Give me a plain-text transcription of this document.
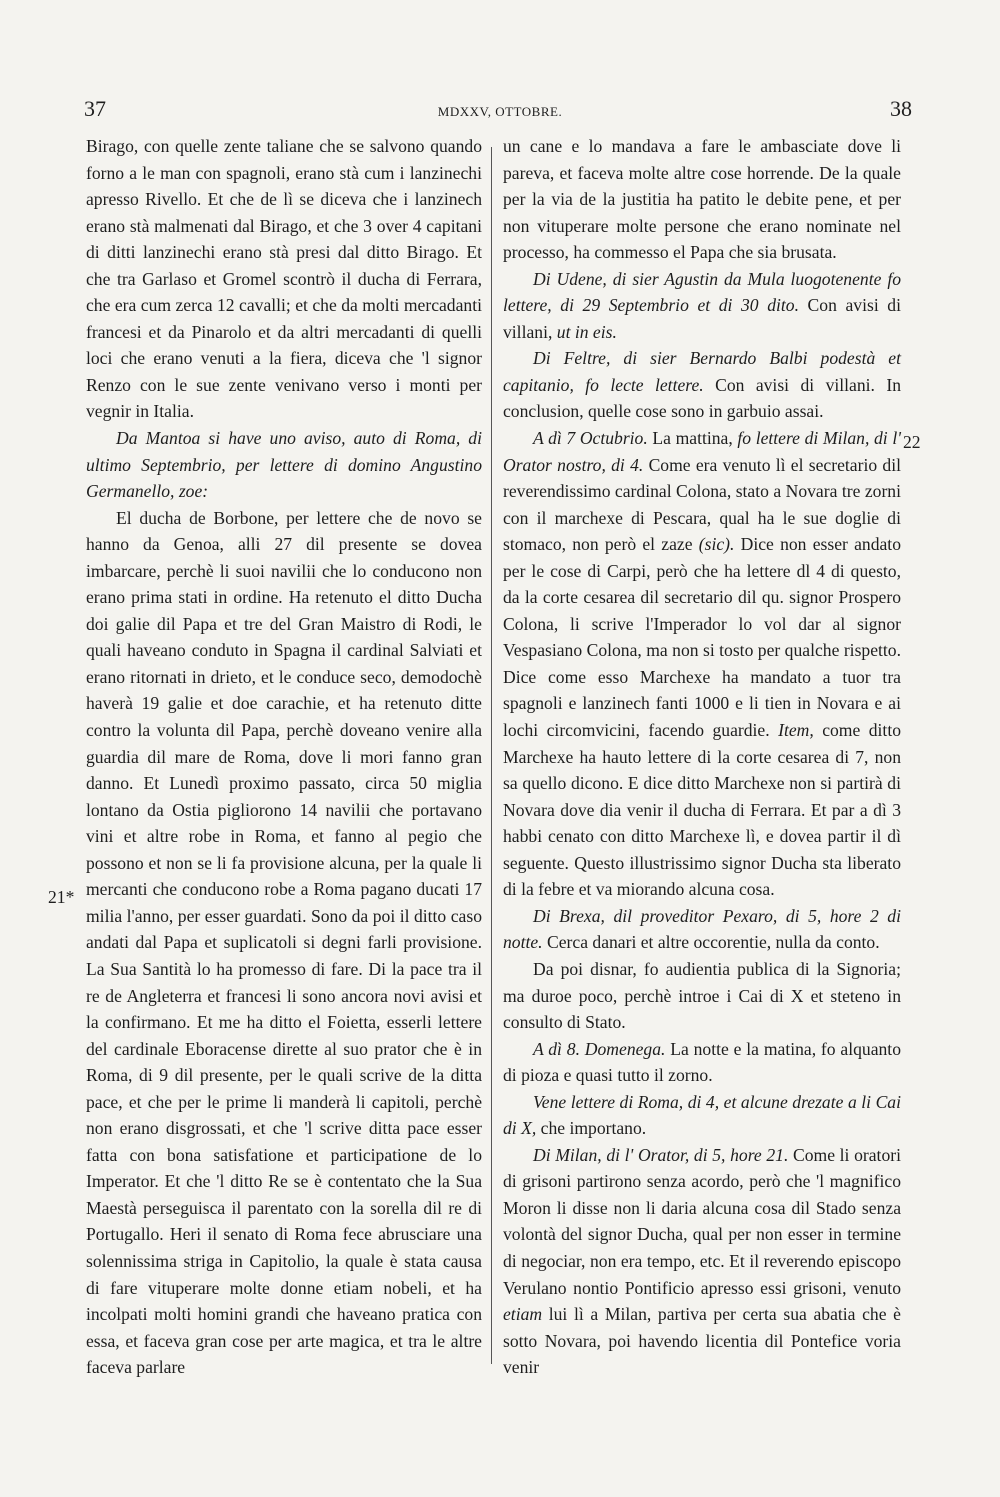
37	MDXXV, OTTOBRE.	38
21*
22

Birago, con quelle zente taliane che se salvono quando forno a le man con spagnoli, erano stà cum i lanzinechi apresso Rivello. Et che de lì se diceva che i lanzinech erano stà malmenati dal Birago, et che 3 over 4 capitani di ditti lanzinechi erano stà presi dal ditto Birago. Et che tra Garlaso et Gromel scontrò il ducha di Ferrara, che era cum zerca 12 cavalli; et che da molti mercadanti francesi et da Pinarolo et da altri mercadanti di quelli loci che erano venuti a la fiera, diceva che 'l signor Renzo con le sue zente venivano verso i monti per vegnir in Italia.

Da Mantoa si have uno aviso, auto di Roma, di ultimo Septembrio, per lettere di domino Angustino Germanello, zoe:

El ducha de Borbone, per lettere che de novo se hanno da Genoa, alli 27 dil presente se dovea imbarcare, perchè li suoi navilii che lo conducono non erano prima stati in ordine. Ha retenuto el ditto Ducha doi galie dil Papa et tre del Gran Maistro di Rodi, le quali haveano conduto in Spagna il cardinal Salviati et erano ritornati in drieto, et le conduce seco, demodochè haverà 19 galie et doe carachie, et ha retenuto ditte contro la volunta dil Papa, perchè doveano venire alla guardia dil mare de Roma, dove li mori fanno gran danno. Et Lunedì proximo passato, circa 50 miglia lontano da Ostia pigliorono 14 navilii che portavano vini et altre robe in Roma, et fanno al pegio che possono et non se li fa provisione alcuna, per la quale li mercanti che conducono robe a Roma pagano ducati 17 milia l'anno, per esser guardati. Sono da poi il ditto caso andati dal Papa et suplicatoli si degni farli provisione. La Sua Santità lo ha promesso di fare. Di la pace tra il re de Angleterra et francesi li sono ancora novi avisi et la confirmano. Et me ha ditto el Foietta, esserli lettere del cardinale Eboracense dirette al suo prator che è in Roma, di 9 dil presente, per le quali scrive de la ditta pace, et che per le prime li manderà li capitoli, perchè non erano disgrossati, et che 'l scrive ditta pace esser fatta con bona satisfatione et participatione de lo Imperator. Et che 'l ditto Re se è contentato che la Sua Maestà perseguisca il parentato con la sorella dil re di Portugallo. Heri il senato di Roma fece abrusciare una solennissima striga in Capitolio, la quale è stata causa di fare vituperare molte donne etiam nobeli, et ha incolpati molti homini grandi che haveano pratica con essa, et faceva gran cose per arte magica, et tra le altre faceva parlare

un cane e lo mandava a fare le ambasciate dove li pareva, et faceva molte altre cose horrende. De la quale per la via de la justitia ha patito le debite pene, et per non vituperare molte persone che erano nominate nel processo, ha commesso el Papa che sia brusata.

Di Udene, di sier Agustin da Mula luogotenente fo lettere, di 29 Septembrio et di 30 dito. Con avisi di villani, ut in eis.

Di Feltre, di sier Bernardo Balbi podestà et capitanio, fo lecte lettere. Con avisi di villani. In conclusion, quelle cose sono in garbuio assai.

A dì 7 Octubrio. La mattina, fo lettere di Milan, di l' Orator nostro, di 4. Come era venuto lì el secretario dil reverendissimo cardinal Colona, stato a Novara tre zorni con il marchexe di Pescara, qual ha le sue doglie di stomaco, non però el zaze (sic). Dice non esser andato per le cose di Carpi, però che ha lettere dl 4 di questo, da la corte cesarea dil secretario dil qu. signor Prospero Colona, li scrive l'Imperador lo vol dar al signor Vespasiano Colona, ma non si tosto per qualche rispetto. Dice come esso Marchexe ha mandato a tuor tra spagnoli e lanzinech fanti 1000 e li tien in Novara e ai lochi circomvicini, facendo guardie. Item, come ditto Marchexe ha hauto lettere di la corte cesarea di 7, non sa quello dicono. E dice ditto Marchexe non si partirà di Novara dove dia venir il ducha di Ferrara. Et par a dì 3 habbi cenato con ditto Marchexe lì, e dovea partir il dì seguente. Questo illustrissimo signor Ducha sta liberato di la febre et va miorando alcuna cosa.

Di Brexa, dil proveditor Pexaro, di 5, hore 2 di notte. Cerca danari et altre occorentie, nulla da conto.

Da poi disnar, fo audientia publica di la Signoria; ma duroe poco, perchè introe i Cai di X et steteno in consulto di Stato.

A dì 8. Domenega. La notte e la matina, fo alquanto di pioza e quasi tutto il zorno.

Vene lettere di Roma, di 4, et alcune drezate a li Cai di X, che importano.

Di Milan, di l' Orator, di 5, hore 21. Come li oratori di grisoni partirono senza acordo, però che 'l magnifico Moron li disse non li daria alcuna cosa dil Stado senza volontà del signor Ducha, qual per non esser in termine di negociar, non era tempo, etc. Et il reverendo episcopo Verulano nontio Pontificio apresso essi grisoni, venuto etiam lui lì a Milan, partiva per certa sua abatia che è sotto Novara, poi havendo licentia dil Pontefice voria venir
